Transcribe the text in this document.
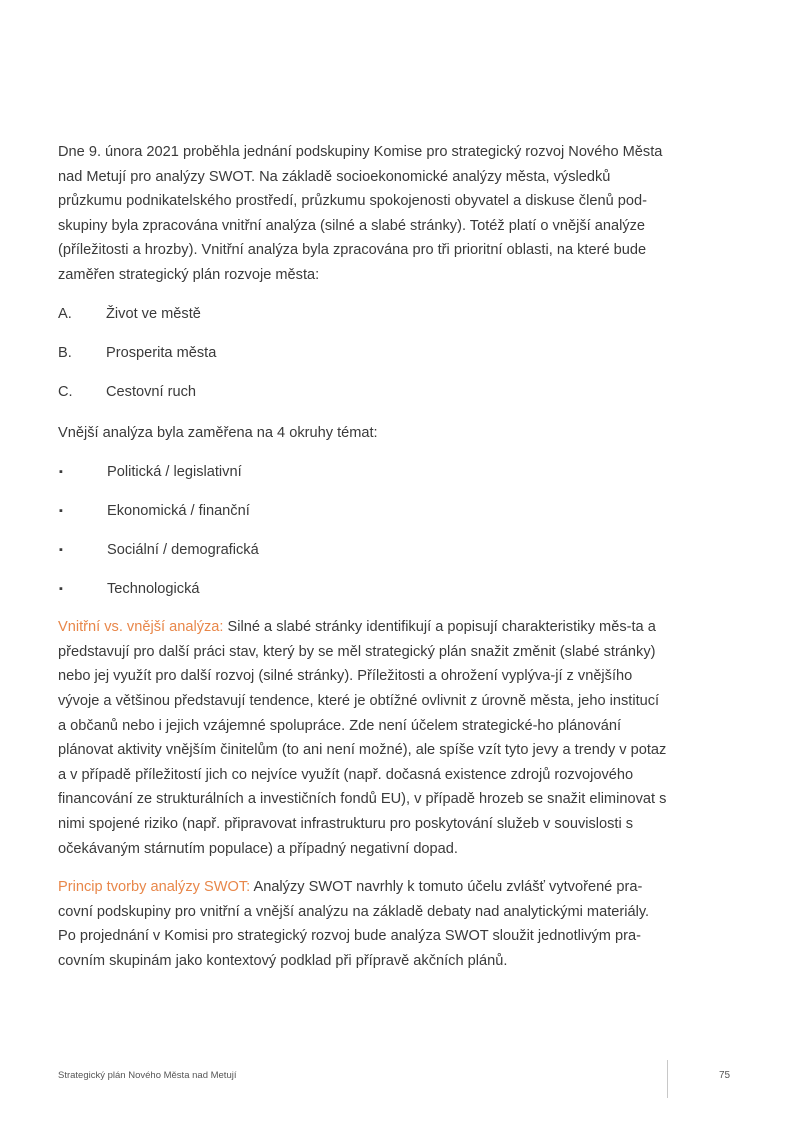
Dne 9. února 2021 proběhla jednání podskupiny Komise pro strategický rozvoj Nového Města nad Metují pro analýzy SWOT. Na základě socioekonomické analýzy města, výsledků průzkumu podnikatelského prostředí, průzkumu spokojenosti obyvatel a diskuse členů pod-skupiny byla zpracována vnitřní analýza (silné a slabé stránky). Totéž platí o vnější analýze (příležitosti a hrozby). Vnitřní analýza byla zpracována pro tři prioritní oblasti, na které bude zaměřen strategický plán rozvoje města:

A.	Život ve městě
B.	Prosperita města
C.	Cestovní ruch

Vnější analýza byla zaměřena na 4 okruhy témat:

▪	Politická / legislativní
▪	Ekonomická / finanční
▪	Sociální / demografická
▪	Technologická

Vnitřní vs. vnější analýza: Silné a slabé stránky identifikují a popisují charakteristiky měs-ta a představují pro další práci stav, který by se měl strategický plán snažit změnit (slabé stránky) nebo jej využít pro další rozvoj (silné stránky). Příležitosti a ohrožení vyplýva-jí z vnějšího vývoje a většinou představují tendence, které je obtížné ovlivnit z úrovně města, jeho institucí a občanů nebo i jejich vzájemné spolupráce. Zde není účelem strategické-ho plánování plánovat aktivity vnějším činitelům (to ani není možné), ale spíše vzít tyto jevy a trendy v potaz a v případě příležitostí jich co nejvíce využít (např. dočasná existence zdrojů rozvojového financování ze strukturálních a investičních fondů EU), v případě hrozeb se snažit eliminovat s nimi spojené riziko (např. připravovat infrastrukturu pro poskytování služeb v souvislosti s očekávaným stárnutím populace) a případný negativní dopad.

Princip tvorby analýzy SWOT: Analýzy SWOT navrhly k tomuto účelu zvlášť vytvořené pra-covní podskupiny pro vnitřní a vnější analýzu na základě debaty nad analytickými materiály. Po projednání v Komisi pro strategický rozvoj bude analýza SWOT sloužit jednotlivým pra-covním skupinám jako kontextový podklad při přípravě akčních plánů.

Strategický plán Nového Města nad Metují	75
